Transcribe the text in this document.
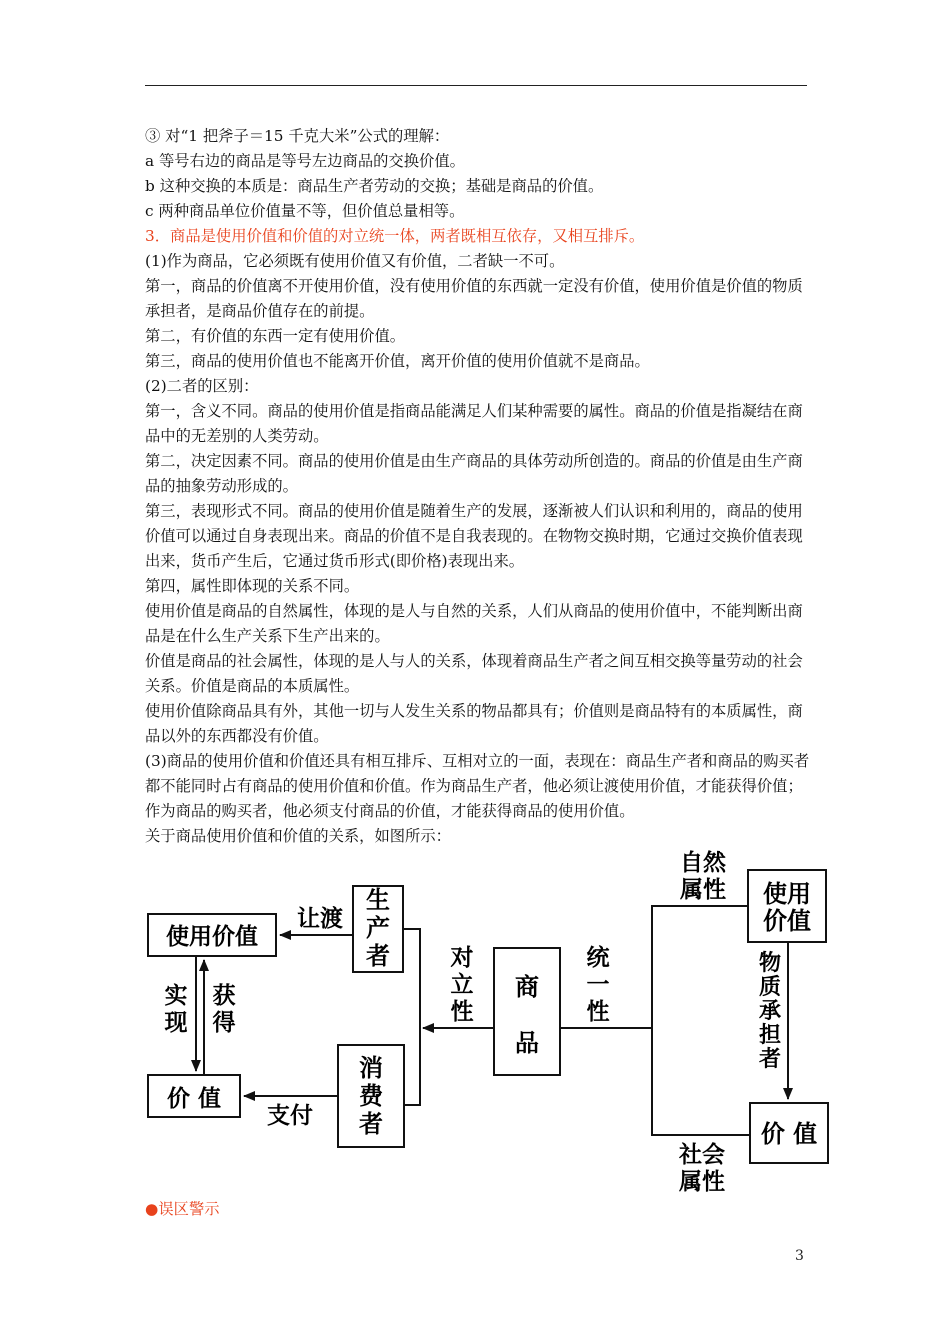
③ 对“1 把斧子＝15 千克大米”公式的理解：

a 等号右边的商品是等号左边商品的交换价值。

b 这种交换的本质是：商品生产者劳动的交换；基础是商品的价值。

c 两种商品单位价值量不等，但价值总量相等。

3．商品是使用价值和价值的对立统一体，两者既相互依存，又相互排斥。

(1)作为商品，它必须既有使用价值又有价值，二者缺一不可。

第一，商品的价值离不开使用价值，没有使用价值的东西就一定没有价值，使用价值是价值的物质承担者，是商品价值存在的前提。

第二，有价值的东西一定有使用价值。

第三，商品的使用价值也不能离开价值，离开价值的使用价值就不是商品。

(2)二者的区别：

第一，含义不同。商品的使用价值是指商品能满足人们某种需要的属性。商品的价值是指凝结在商品中的无差别的人类劳动。

第二，决定因素不同。商品的使用价值是由生产商品的具体劳动所创造的。商品的价值是由生产商品的抽象劳动形成的。

第三，表现形式不同。商品的使用价值是随着生产的发展，逐渐被人们认识和利用的，商品的使用价值可以通过自身表现出来。商品的价值不是自我表现的。在物物交换时期，它通过交换价值表现出来，货币产生后，它通过货币形式(即价格)表现出来。

第四，属性即体现的关系不同。

使用价值是商品的自然属性，体现的是人与自然的关系，人们从商品的使用价值中，不能判断出商品是在什么生产关系下生产出来的。

价值是商品的社会属性，体现的是人与人的关系，体现着商品生产者之间互相交换等量劳动的社会关系。价值是商品的本质属性。

使用价值除商品具有外，其他一切与人发生关系的物品都具有；价值则是商品特有的本质属性，商品以外的东西都没有价值。

(3)商品的使用价值和价值还具有相互排斥、互相对立的一面，表现在：商品生产者和商品的购买者都不能同时占有商品的使用价值和价值。作为商品生产者，他必须让渡使用价值，才能获得价值；作为商品的购买者，他必须支付商品的价值，才能获得商品的使用价值。

关于商品使用价值和价值的关系，如图所示：

使用价值
价 值
生产者
消费者
商品
使用价值
价 值
让渡
支付
实现
获得
对立性
统一性
自然属性
社会属性
物质承担者
●误区警示
3
